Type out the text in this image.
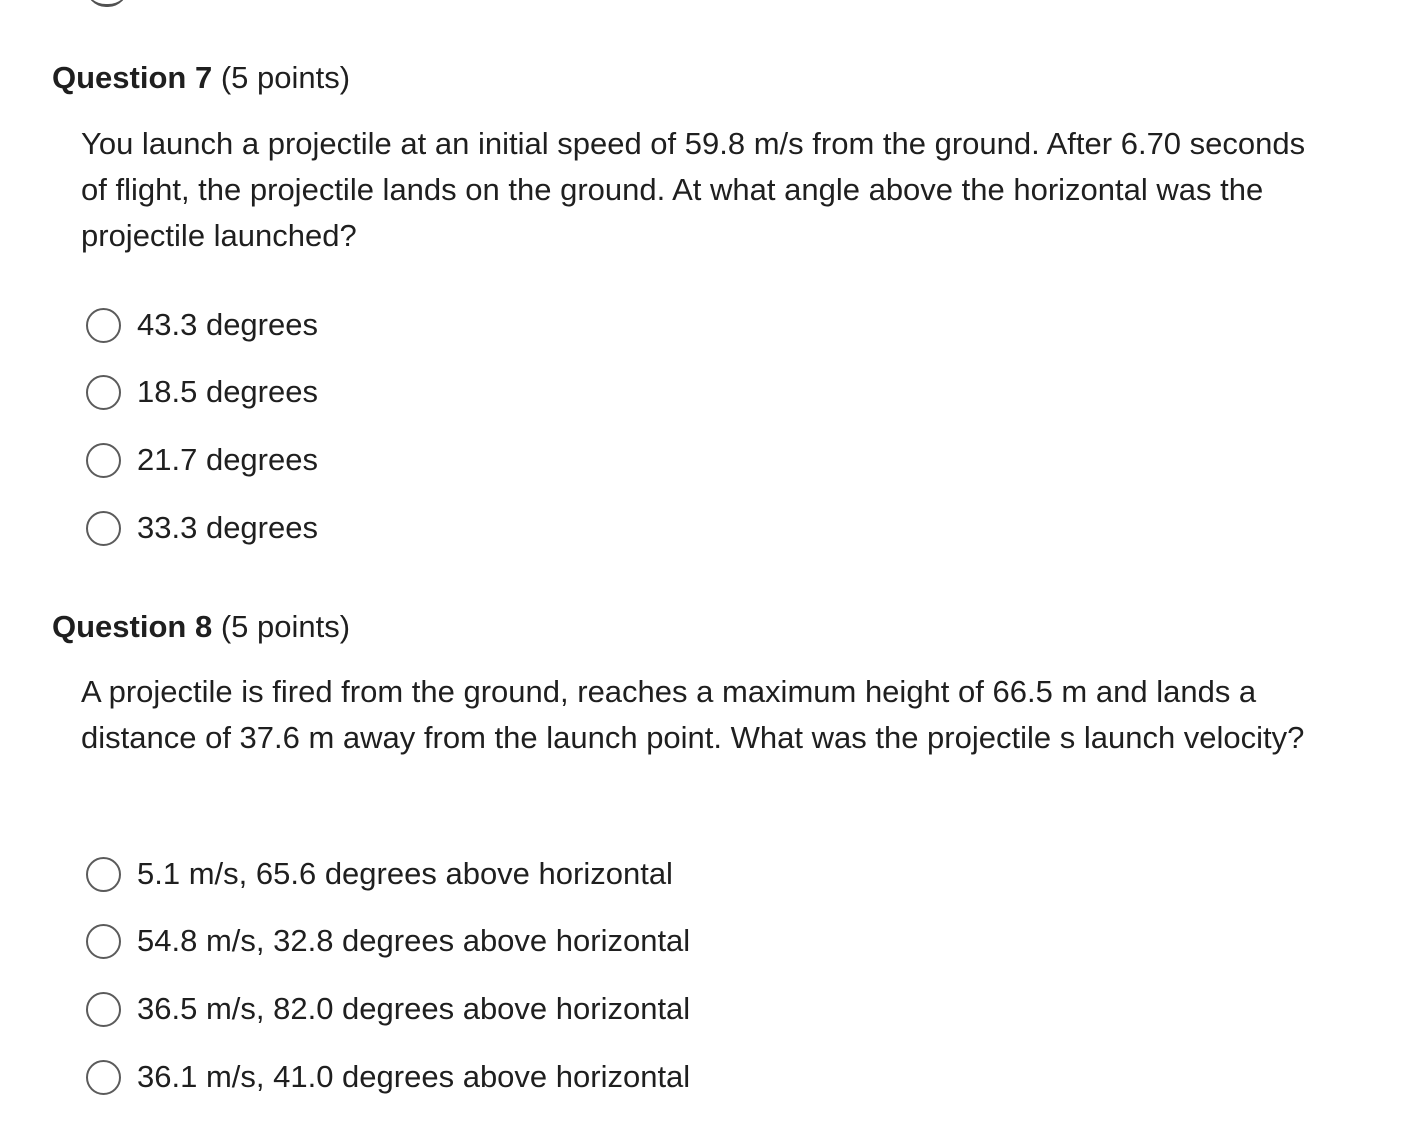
Question 7 (5 points)
You launch a projectile at an initial speed of 59.8 m/s from the ground. After 6.70 seconds of flight, the projectile lands on the ground. At what angle above the horizontal was the projectile launched?
43.3 degrees
18.5 degrees
21.7 degrees
33.3 degrees
Question 8 (5 points)
A projectile is fired from the ground, reaches a maximum height of 66.5 m and lands a distance of 37.6 m away from the launch point. What was the projectile s launch velocity?
5.1 m/s, 65.6 degrees above horizontal
54.8 m/s, 32.8 degrees above horizontal
36.5 m/s, 82.0 degrees above horizontal
36.1 m/s, 41.0 degrees above horizontal
